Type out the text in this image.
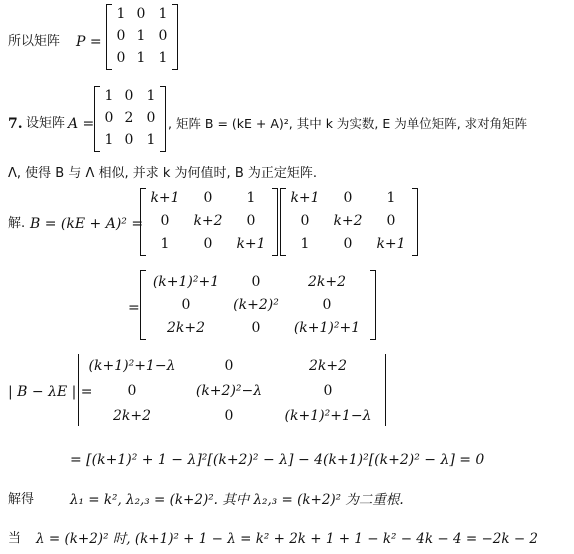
所以矩阵 P =
1 0 1
0 1 0
0 1 1
7. 设矩阵 A =
1 0 1
0 2 0
1 0 1
, 矩阵 B = (kE + A)², 其中 k 为实数, E 为单位矩阵, 求对角矩阵
Λ, 使得 B 与 Λ 相似, 并求 k 为何值时, B 为正定矩阵.
解. B = (kE + A)² =
k+1	0	1
0	k+2	0
1	0	k+1
k+1	0	1
0	k+2	0
1	0	k+1
=
(k+1)²+1	0	2k+2
0	(k+2)²	0
2k+2	0	(k+1)²+1
| B − λE | =
(k+1)²+1−λ	0	2k+2
0	(k+2)²−λ	0
2k+2	0	(k+1)²+1−λ
= [(k+1)² + 1 − λ]²[(k+2)² − λ] − 4(k+1)²[(k+2)² − λ] = 0
解得	λ₁ = k², λ₂,₃ = (k+2)². 其中 λ₂,₃ = (k+2)² 为二重根.
当 λ = (k+2)² 时, (k+1)² + 1 − λ = k² + 2k + 1 + 1 − k² − 4k − 4 = −2k − 2
